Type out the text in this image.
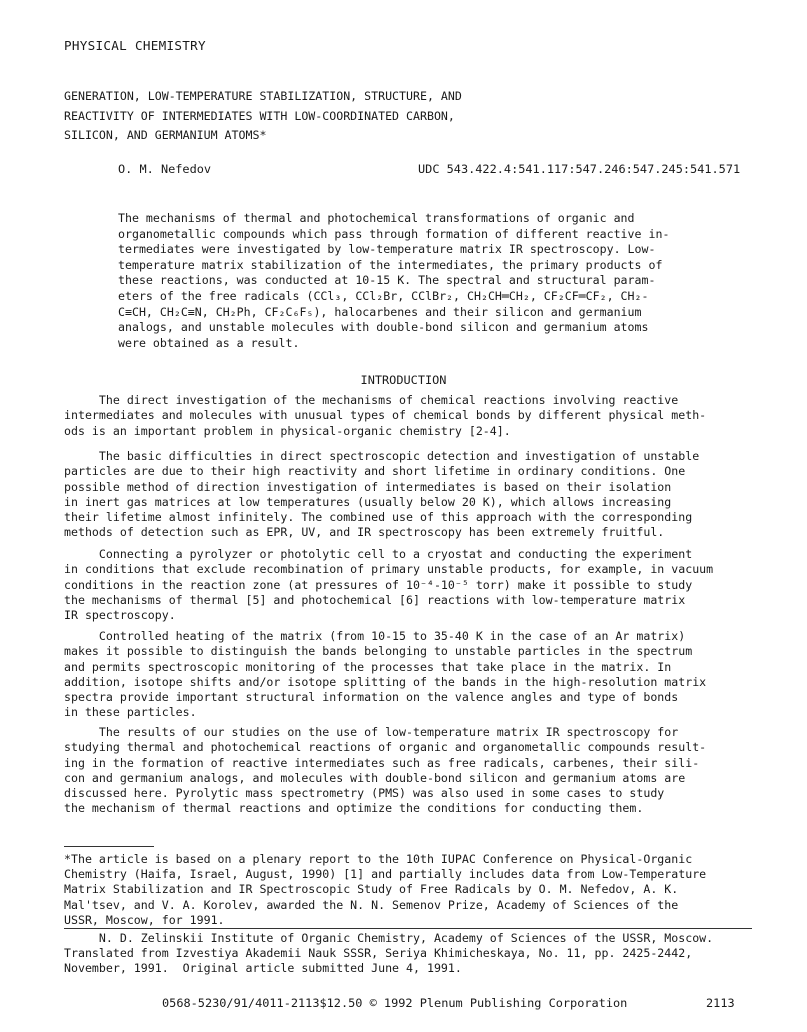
PHYSICAL CHEMISTRY
GENERATION, LOW-TEMPERATURE STABILIZATION, STRUCTURE, AND
REACTIVITY OF INTERMEDIATES WITH LOW-COORDINATED CARBON,
SILICON, AND GERMANIUM ATOMS*
O. M. Nefedov	UDC 543.422.4:541.117:547.246:547.245:541.571
The mechanisms of thermal and photochemical transformations of organic and
organometallic compounds which pass through formation of different reactive in-
termediates were investigated by low-temperature matrix IR spectroscopy. Low-
temperature matrix stabilization of the intermediates, the primary products of
these reactions, was conducted at 10-15 K. The spectral and structural param-
eters of the free radicals (CCl₃, CCl₂Br, CClBr₂, CH₂CH═CH₂, CF₂CF═CF₂, CH₂-
C≡CH, CH₂C≡N, CH₂Ph, CF₂C₆F₅), halocarbenes and their silicon and germanium
analogs, and unstable molecules with double-bond silicon and germanium atoms
were obtained as a result.
INTRODUCTION
The direct investigation of the mechanisms of chemical reactions involving reactive
intermediates and molecules with unusual types of chemical bonds by different physical meth-
ods is an important problem in physical-organic chemistry [2-4].
The basic difficulties in direct spectroscopic detection and investigation of unstable
particles are due to their high reactivity and short lifetime in ordinary conditions. One
possible method of direction investigation of intermediates is based on their isolation
in inert gas matrices at low temperatures (usually below 20 K), which allows increasing
their lifetime almost infinitely. The combined use of this approach with the corresponding
methods of detection such as EPR, UV, and IR spectroscopy has been extremely fruitful.
Connecting a pyrolyzer or photolytic cell to a cryostat and conducting the experiment
in conditions that exclude recombination of primary unstable products, for example, in vacuum
conditions in the reaction zone (at pressures of 10⁻⁴-10⁻⁵ torr) make it possible to study
the mechanisms of thermal [5] and photochemical [6] reactions with low-temperature matrix
IR spectroscopy.
Controlled heating of the matrix (from 10-15 to 35-40 K in the case of an Ar matrix)
makes it possible to distinguish the bands belonging to unstable particles in the spectrum
and permits spectroscopic monitoring of the processes that take place in the matrix. In
addition, isotope shifts and/or isotope splitting of the bands in the high-resolution matrix
spectra provide important structural information on the valence angles and type of bonds
in these particles.
The results of our studies on the use of low-temperature matrix IR spectroscopy for
studying thermal and photochemical reactions of organic and organometallic compounds result-
ing in the formation of reactive intermediates such as free radicals, carbenes, their sili-
con and germanium analogs, and molecules with double-bond silicon and germanium atoms are
discussed here. Pyrolytic mass spectrometry (PMS) was also used in some cases to study
the mechanism of thermal reactions and optimize the conditions for conducting them.
*The article is based on a plenary report to the 10th IUPAC Conference on Physical-Organic
Chemistry (Haifa, Israel, August, 1990) [1] and partially includes data from Low-Temperature
Matrix Stabilization and IR Spectroscopic Study of Free Radicals by O. M. Nefedov, A. K.
Mal'tsev, and V. A. Korolev, awarded the N. N. Semenov Prize, Academy of Sciences of the
USSR, Moscow, for 1991.
N. D. Zelinskii Institute of Organic Chemistry, Academy of Sciences of the USSR, Moscow.
Translated from Izvestiya Akademii Nauk SSSR, Seriya Khimicheskaya, No. 11, pp. 2425-2442,
November, 1991.  Original article submitted June 4, 1991.
0568-5230/91/4011-2113$12.50 © 1992 Plenum Publishing Corporation	2113
